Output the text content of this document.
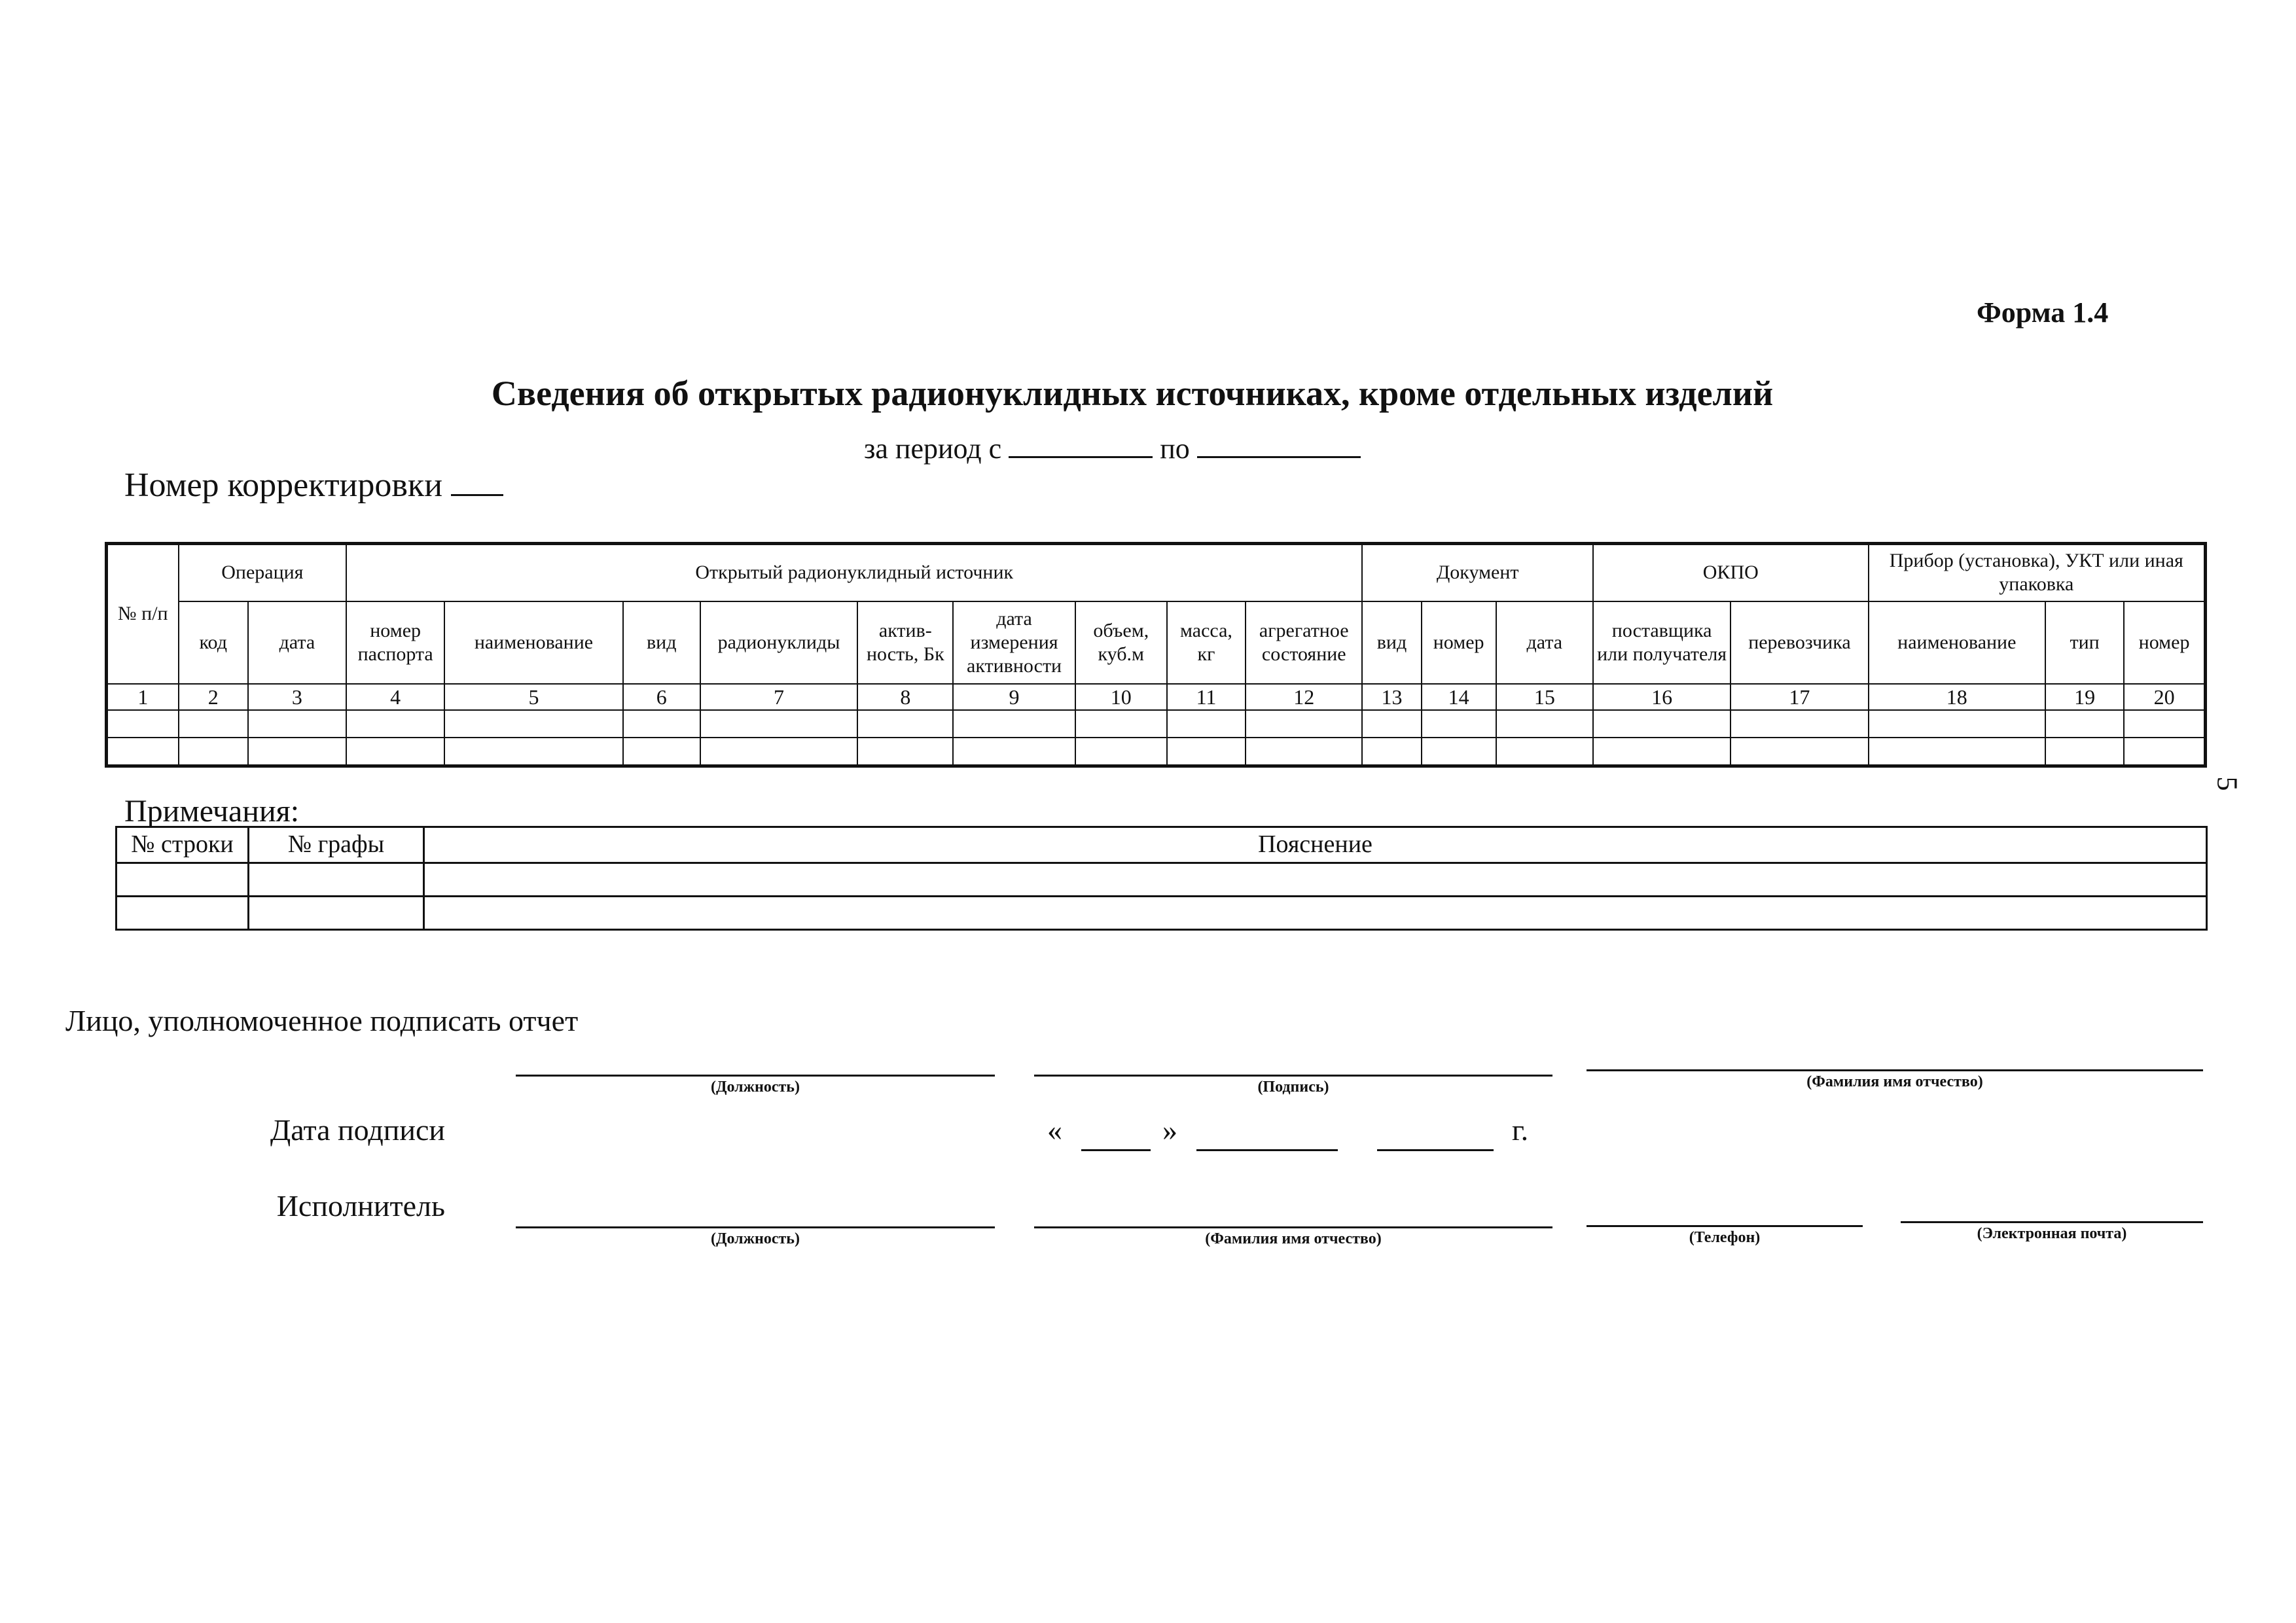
Форма 1.4
Сведения об открытых радионуклидных источниках, кроме отдельных изделий
за период с	по
Номер корректировки
5
№ п/п	Операция		Открытый радионуклидный источник									Документ			ОКПО		Прибор (установка), УКТ или иная упаковка		
	код	дата	номер паспорта	наименование	вид	радионуклиды	актив-ность, Бк	дата измерения активности	объем, куб.м	масса, кг	агрегатное состояние	вид	номер	дата	поставщика или получателя	перевозчика	наименование	тип	номер
1	2	3	4	5	6	7	8	9	10	11	12	13	14	15	16	17	18	19	20

Примечания:
№ строки	№ графы	Пояснение

Лицо, уполномоченное подписать отчет
(Должность)	(Подпись)	(Фамилия имя отчество)
Дата подписи	«	»	г.
Исполнитель
(Должность)	(Фамилия имя отчество)	(Телефон)	(Электронная почта)
